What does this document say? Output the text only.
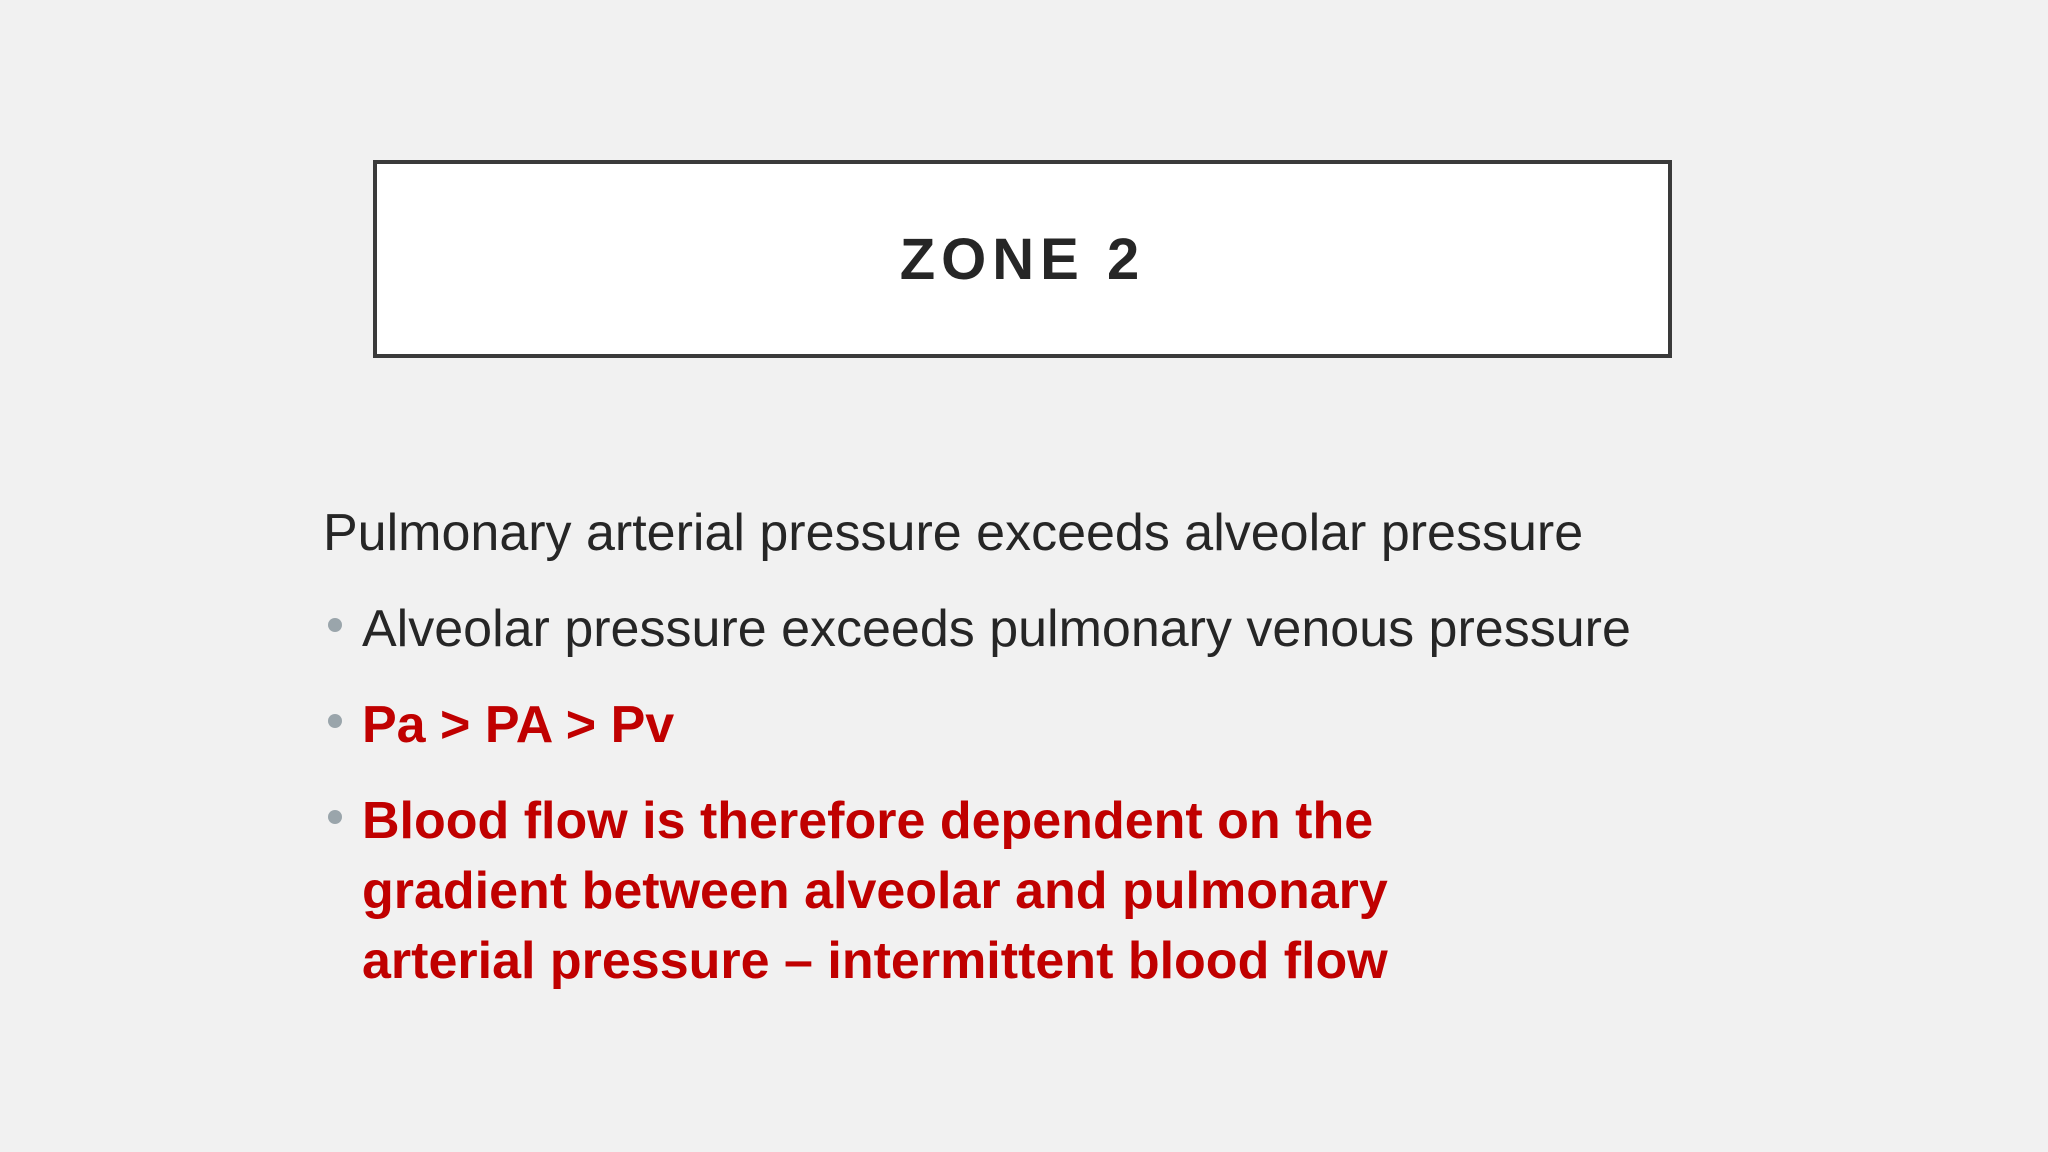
ZONE 2

Pulmonary arterial pressure exceeds alveolar pressure

Alveolar pressure exceeds pulmonary venous pressure
Pa > PA > Pv
Blood flow is therefore dependent on the
gradient between alveolar and pulmonary
arterial pressure – intermittent blood flow
